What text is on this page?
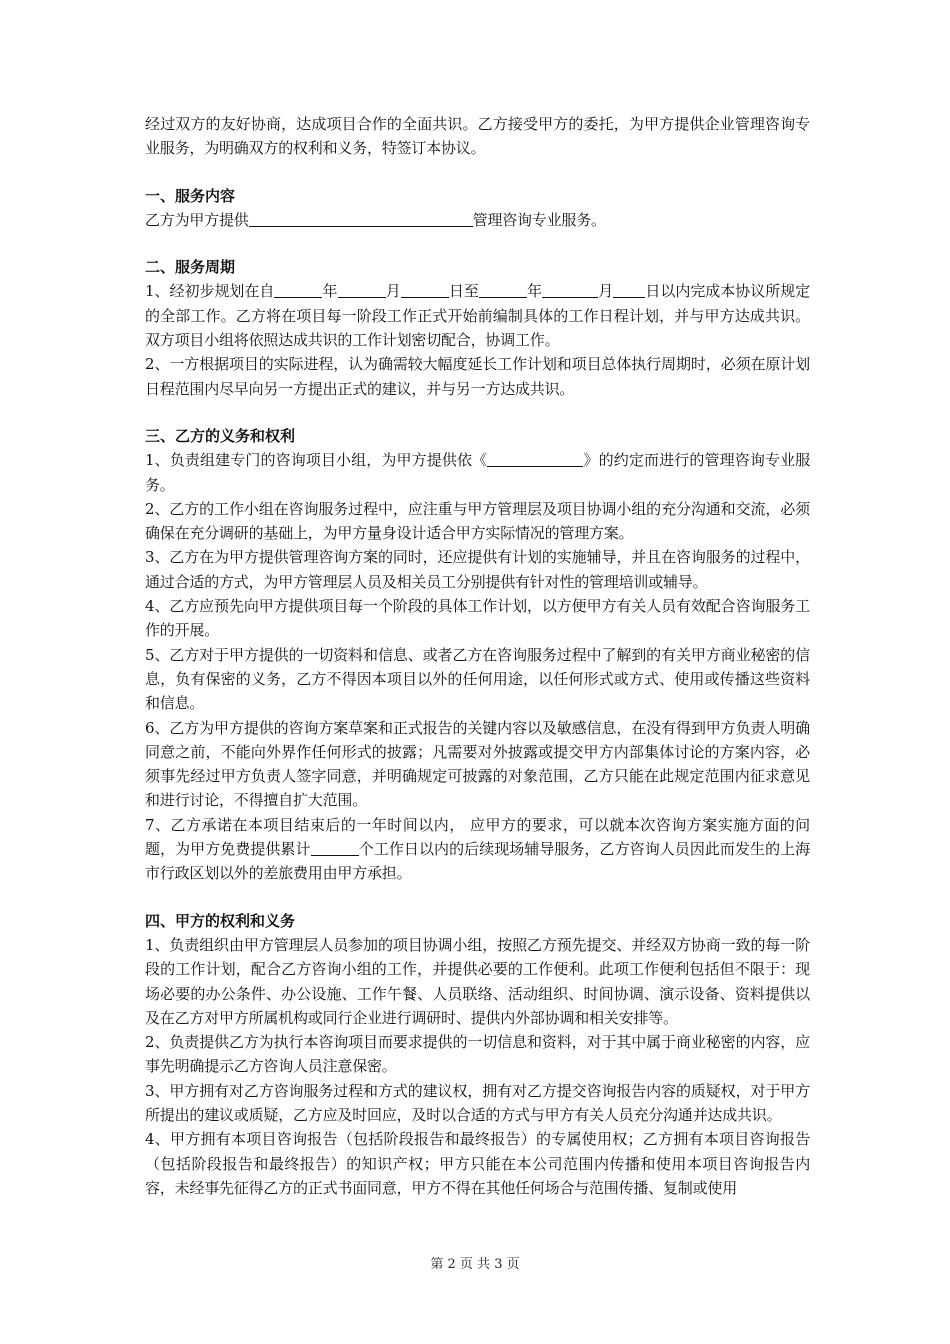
经过双方的友好协商，达成项目合作的全面共识。乙方接受甲方的委托，为甲方提供企业管理咨询专业服务，为明确双方的权利和义务，特签订本协议。

一、服务内容

乙方为甲方提供	管理咨询专业服务。

二、服务周期

1、经初步规划在自	年	月	日至	年	月 日以内完成本协议所规定的全部工作。乙方将在项目每一阶段工作正式开始前编制具体的工作日程计划，并与甲方达成共识。双方项目小组将依照达成共识的工作计划密切配合，协调工作。

2、一方根据项目的实际进程，认为确需较大幅度延长工作计划和项目总体执行周期时，必须在原计划日程范围内尽早向另一方提出正式的建议，并与另一方达成共识。

三、乙方的义务和权利

1、负责组建专门的咨询项目小组，为甲方提供依《	》的约定而进行的管理咨询专业服务。

2、乙方的工作小组在咨询服务过程中，应注重与甲方管理层及项目协调小组的充分沟通和交流，必须确保在充分调研的基础上，为甲方量身设计适合甲方实际情况的管理方案。

3、乙方在为甲方提供管理咨询方案的同时，还应提供有计划的实施辅导，并且在咨询服务的过程中，通过合适的方式，为甲方管理层人员及相关员工分别提供有针对性的管理培训或辅导。

4、乙方应预先向甲方提供项目每一个阶段的具体工作计划，以方便甲方有关人员有效配合咨询服务工作的开展。

5、乙方对于甲方提供的一切资料和信息、或者乙方在咨询服务过程中了解到的有关甲方商业秘密的信息，负有保密的义务，乙方不得因本项目以外的任何用途，以任何形式或方式、使用或传播这些资料和信息。

6、乙方为甲方提供的咨询方案草案和正式报告的关键内容以及敏感信息，在没有得到甲方负责人明确同意之前，不能向外界作任何形式的披露；凡需要对外披露或提交甲方内部集体讨论的方案内容，必须事先经过甲方负责人签字同意，并明确规定可披露的对象范围，乙方只能在此规定范围内征求意见和进行讨论，不得擅自扩大范围。

7、乙方承诺在本项目结束后的一年时间以内， 应甲方的要求，可以就本次咨询方案实施方面的问题，为甲方免费提供累计	个工作日以内的后续现场辅导服务，乙方咨询人员因此而发生的上海市行政区划以外的差旅费用由甲方承担。

四、甲方的权利和义务

1、负责组织由甲方管理层人员参加的项目协调小组，按照乙方预先提交、并经双方协商一致的每一阶段的工作计划，配合乙方咨询小组的工作，并提供必要的工作便利。此项工作便利包括但不限于：现场必要的办公条件、办公设施、工作午餐、人员联络、活动组织、时间协调、演示设备、资料提供以及在乙方对甲方所属机构或同行企业进行调研时、提供内外部协调和相关安排等。

2、负责提供乙方为执行本咨询项目而要求提供的一切信息和资料，对于其中属于商业秘密的内容，应事先明确提示乙方咨询人员注意保密。

3、甲方拥有对乙方咨询服务过程和方式的建议权，拥有对乙方提交咨询报告内容的质疑权，对于甲方所提出的建议或质疑，乙方应及时回应，及时以合适的方式与甲方有关人员充分沟通并达成共识。

4、甲方拥有本项目咨询报告（包括阶段报告和最终报告）的专属使用权；乙方拥有本项目咨询报告（包括阶段报告和最终报告）的知识产权；甲方只能在本公司范围内传播和使用本项目咨询报告内容，未经事先征得乙方的正式书面同意，甲方不得在其他任何场合与范围传播、复制或使用

第 2 页 共 3 页
